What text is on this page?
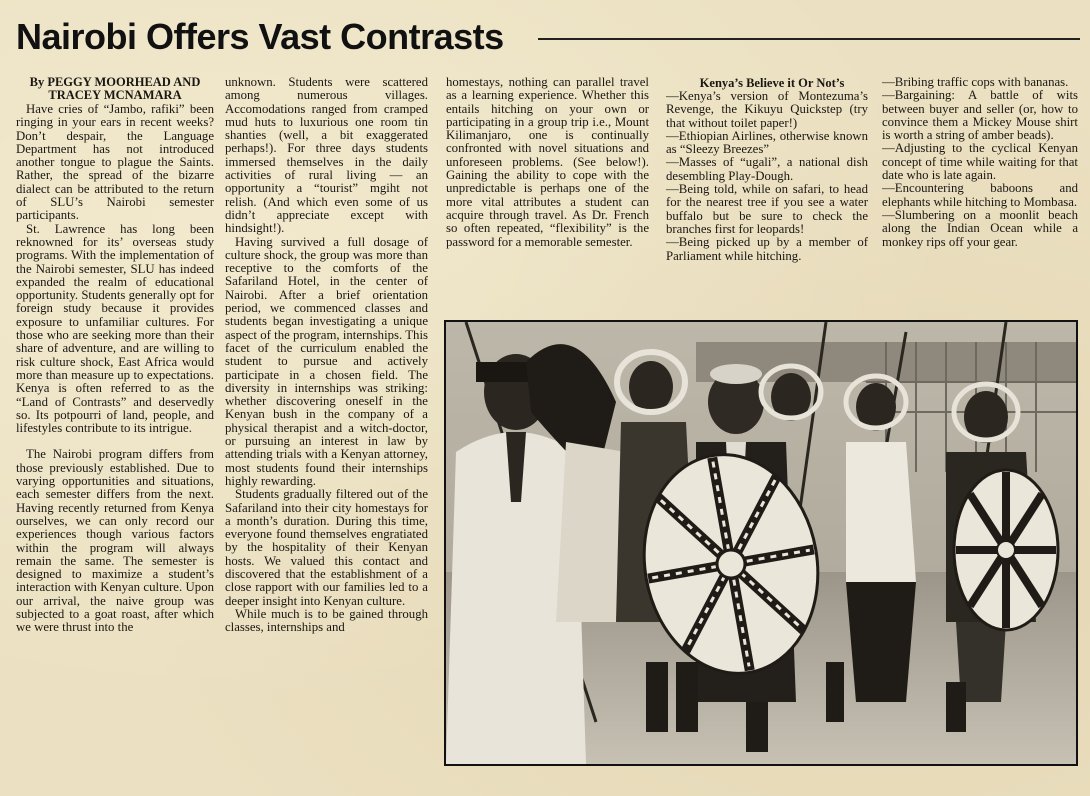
Nairobi Offers Vast Contrasts
By PEGGY MOORHEAD AND
TRACEY MCNAMARA

Have cries of “Jambo, rafiki” been ringing in your ears in recent weeks? Don’t despair, the Language Department has not introduced another tongue to plague the Saints. Rather, the spread of the bizarre dialect can be attributed to the return of SLU’s Nairobi semester participants.

St. Lawrence has long been reknowned for its’ overseas study programs. With the implementation of the Nairobi semester, SLU has indeed expanded the realm of educational opportunity. Students generally opt for foreign study because it provides exposure to unfamiliar cultures. For those who are seeking more than their share of adventure, and are willing to risk culture shock, East Africa would more than measure up to expectations. Kenya is often referred to as the “Land of Contrasts” and deservedly so. Its potpourri of land, people, and lifestyles contribute to its intrigue.

The Nairobi program differs from those previously established. Due to varying opportunities and situations, each semester differs from the next. Having recently returned from Kenya ourselves, we can only record our experiences though various factors within the program will always remain the same. The semester is designed to maximize a student’s interaction with Kenyan culture. Upon our arrival, the naive group was subjected to a goat roast, after which we were thrust into the

unknown. Students were scattered among numerous villages. Accomodations ranged from cramped mud huts to luxurious one room tin shanties (well, a bit exaggerated perhaps!). For three days students immersed themselves in the daily activities of rural living — an opportunity a “tourist” mgiht not relish. (And which even some of us didn’t appreciate except with hindsight!).

Having survived a full dosage of culture shock, the group was more than receptive to the comforts of the Safariland Hotel, in the center of Nairobi. After a brief orientation period, we commenced classes and students began investigating a unique aspect of the program, internships. This facet of the curriculum enabled the student to pursue and actively participate in a chosen field. The diversity in internships was striking: whether discovering oneself in the Kenyan bush in the company of a physical therapist and a witch-doctor, or pursuing an interest in law by attending trials with a Kenyan attorney, most students found their internships highly rewarding.

Students gradually filtered out of the Safariland into their city homestays for a month’s duration. During this time, everyone found themselves engratiated by the hospitality of their Kenyan hosts. We valued this contact and discovered that the establishment of a close rapport with our families led to a deeper insight into Kenyan culture.

While much is to be gained through classes, internships and

homestays, nothing can parallel travel as a learning experience. Whether this entails hitching on your own or participating in a group trip i.e., Mount Kilimanjaro, one is continually confronted with novel situations and unforeseen problems. (See below!). Gaining the ability to cope with the unpredictable is perhaps one of the more vital attributes a student can acquire through travel. As Dr. French so often repeated, “flexibility” is the password for a memorable semester.

Kenya’s Believe it Or Not’s

—Kenya’s version of Montezuma’s Revenge, the Kikuyu Quickstep (try that without toilet paper!)

—Ethiopian Airlines, otherwise known as “Sleezy Breezes”

—Masses of “ugali”, a national dish desembling Play-Dough.

—Being told, while on safari, to head for the nearest tree if you see a water buffalo but be sure to check the branches first for leopards!

—Being picked up by a member of Parliament while hitching.

—Bribing traffic cops with bananas.

—Bargaining: A battle of wits between buyer and seller (or, how to convince them a Mickey Mouse shirt is worth a string of amber beads).

—Adjusting to the cyclical Kenyan concept of time while waiting for that date who is late again.

—Encountering baboons and elephants while hitching to Mombasa.

—Slumbering on a moonlit beach along the Indian Ocean while a monkey rips off your gear.
